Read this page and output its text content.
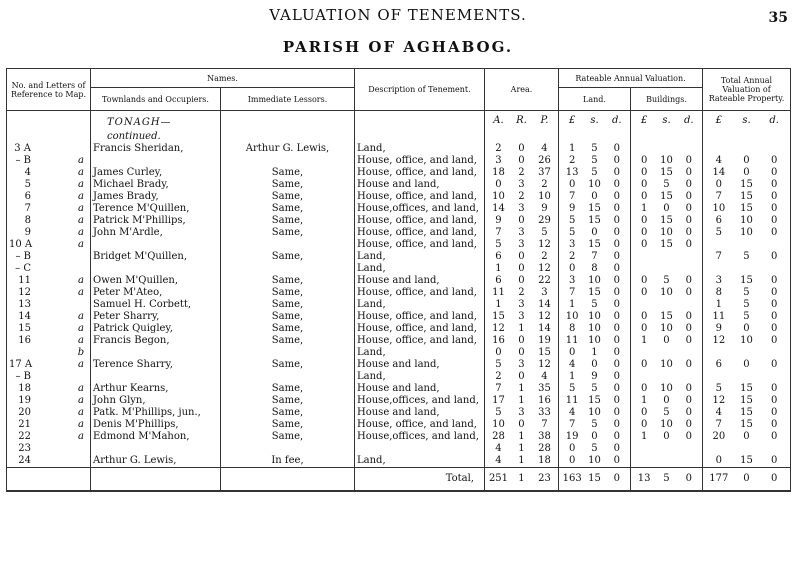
VALUATION OF TENEMENTS.	35
PARISH OF AGHABOG.
No. and Letters of Reference to Map.	Names.		Description of Tenement.	Area.	Rateable Annual Valuation.		Total Annual Valuation of Rateable Property.
	Townlands and Occupiers.	Immediate Lessors.			Land.	Buildings.	

	TONAGH—			A. R. P.	£ s. d.	£ s. d.	£ s. d.

	continued.						

3 A	Francis Sheridan,	Arthur G. Lewis,	Land,	2 0 4	1 5 0		

– B a			House, office, and land,	3 0 26	2 5 0	0 10 0	4 0 0

4 a	James Curley,	Same,	House, office, and land,	18 2 37	13 5 0	0 15 0	14 0 0

5 a	Michael Brady,	Same,	House and land,	0 3 2	0 10 0	0 5 0	0 15 0

6 a	James Brady,	Same,	House, office, and land,	10 2 10	7 0 0	0 15 0	7 15 0

7 a	Terence M'Quillen,	Same,	House,offices, and land,	14 3 9	9 15 0	1 0 0	10 15 0

8 a	Patrick M'Phillips,	Same,	House, office, and land,	9 0 29	5 15 0	0 15 0	6 10 0

9 a	John M'Ardle,	Same,	House, office, and land,	7 3 5	5 0 0	0 10 0	5 10 0

10 A a			House, office, and land,	5 3 12	3 15 0	0 15 0	

– B	Bridget M'Quillen,	Same,	Land,	6 0 2	2 7 0		7 5 0

– C			Land,	1 0 12	0 8 0		

11 a	Owen M'Quillen,	Same,	House and land,	6 0 22	3 10 0	0 5 0	3 15 0

12 a	Peter M'Ateo,	Same,	House, office, and land,	11 2 3	7 15 0	0 10 0	8 5 0

13	Samuel H. Corbett,	Same,	Land,	1 3 14	1 5 0		1 5 0

14 a	Peter Sharry,	Same,	House, office, and land,	15 3 12	10 10 0	0 15 0	11 5 0

15 a	Patrick Quigley,	Same,	House, office, and land,	12 1 14	8 10 0	0 10 0	9 0 0

16 a	Francis Begon,	Same,	House, office, and land,	16 0 19	11 10 0	1 0 0	12 10 0

b			Land,	0 0 15	0 1 0		

17 A a	Terence Sharry,	Same,	House and land,	5 3 12	4 0 0	0 10 0	6 0 0

– B			Land,	2 0 4	1 9 0		

18 a	Arthur Kearns,	Same,	House and land,	7 1 35	5 5 0	0 10 0	5 15 0

19 a	John Glyn,	Same,	House,offices, and land,	17 1 16	11 15 0	1 0 0	12 15 0

20 a	Patk. M'Phillips, jun.,	Same,	House and land,	5 3 33	4 10 0	0 5 0	4 15 0

21 a	Denis M'Phillips,	Same,	House, office, and land,	10 0 7	7 5 0	0 10 0	7 15 0

22 a	Edmond M'Mahon,	Same,	House,offices, and land,	28 1 38	19 0 0	1 0 0	20 0 0

23				4 1 28	0 5 0		

24	Arthur G. Lewis,	In fee,	Land,	4 1 18	0 10 0		0 15 0

			Total,	251 1 23	163 15 0	13 5 0	177 0 0
